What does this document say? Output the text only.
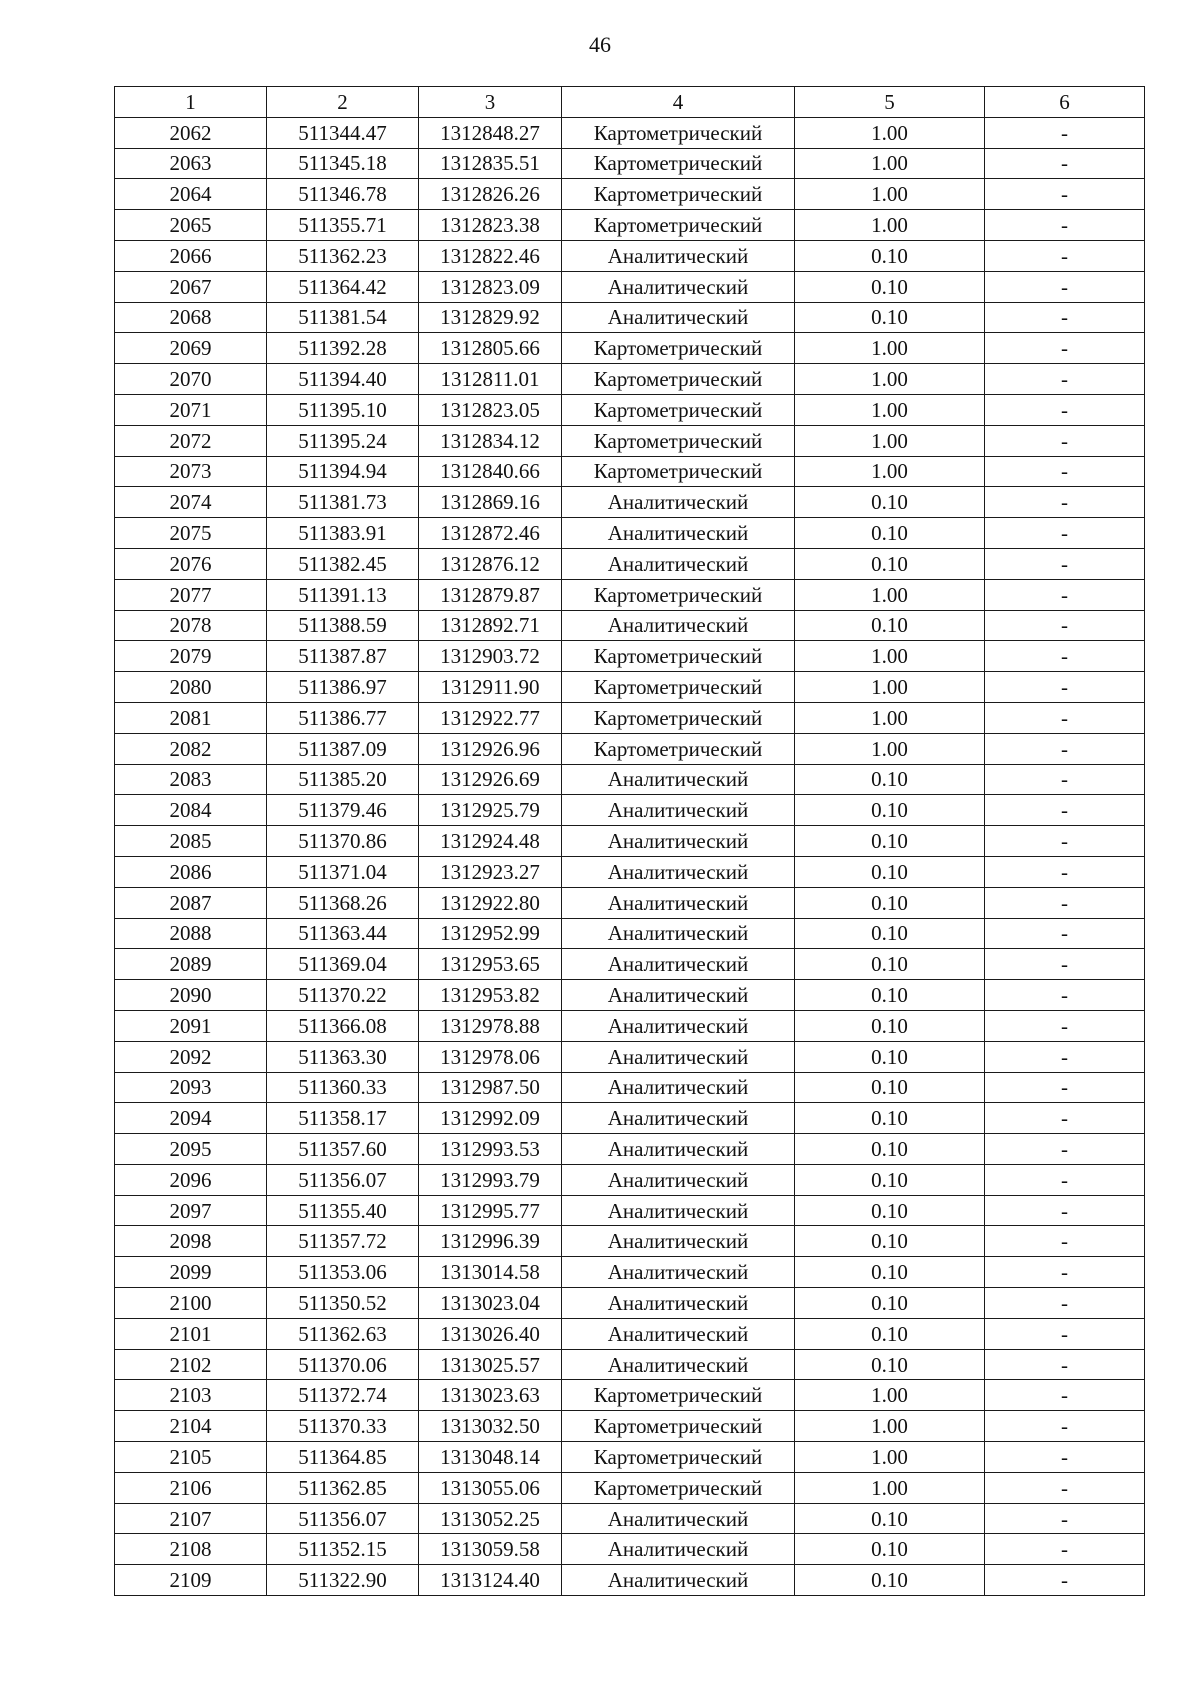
46
1	2	3	4	5	6
2062	511344.47	1312848.27	Картометрический	1.00	-
2063	511345.18	1312835.51	Картометрический	1.00	-
2064	511346.78	1312826.26	Картометрический	1.00	-
2065	511355.71	1312823.38	Картометрический	1.00	-
2066	511362.23	1312822.46	Аналитический	0.10	-
2067	511364.42	1312823.09	Аналитический	0.10	-
2068	511381.54	1312829.92	Аналитический	0.10	-
2069	511392.28	1312805.66	Картометрический	1.00	-
2070	511394.40	1312811.01	Картометрический	1.00	-
2071	511395.10	1312823.05	Картометрический	1.00	-
2072	511395.24	1312834.12	Картометрический	1.00	-
2073	511394.94	1312840.66	Картометрический	1.00	-
2074	511381.73	1312869.16	Аналитический	0.10	-
2075	511383.91	1312872.46	Аналитический	0.10	-
2076	511382.45	1312876.12	Аналитический	0.10	-
2077	511391.13	1312879.87	Картометрический	1.00	-
2078	511388.59	1312892.71	Аналитический	0.10	-
2079	511387.87	1312903.72	Картометрический	1.00	-
2080	511386.97	1312911.90	Картометрический	1.00	-
2081	511386.77	1312922.77	Картометрический	1.00	-
2082	511387.09	1312926.96	Картометрический	1.00	-
2083	511385.20	1312926.69	Аналитический	0.10	-
2084	511379.46	1312925.79	Аналитический	0.10	-
2085	511370.86	1312924.48	Аналитический	0.10	-
2086	511371.04	1312923.27	Аналитический	0.10	-
2087	511368.26	1312922.80	Аналитический	0.10	-
2088	511363.44	1312952.99	Аналитический	0.10	-
2089	511369.04	1312953.65	Аналитический	0.10	-
2090	511370.22	1312953.82	Аналитический	0.10	-
2091	511366.08	1312978.88	Аналитический	0.10	-
2092	511363.30	1312978.06	Аналитический	0.10	-
2093	511360.33	1312987.50	Аналитический	0.10	-
2094	511358.17	1312992.09	Аналитический	0.10	-
2095	511357.60	1312993.53	Аналитический	0.10	-
2096	511356.07	1312993.79	Аналитический	0.10	-
2097	511355.40	1312995.77	Аналитический	0.10	-
2098	511357.72	1312996.39	Аналитический	0.10	-
2099	511353.06	1313014.58	Аналитический	0.10	-
2100	511350.52	1313023.04	Аналитический	0.10	-
2101	511362.63	1313026.40	Аналитический	0.10	-
2102	511370.06	1313025.57	Аналитический	0.10	-
2103	511372.74	1313023.63	Картометрический	1.00	-
2104	511370.33	1313032.50	Картометрический	1.00	-
2105	511364.85	1313048.14	Картометрический	1.00	-
2106	511362.85	1313055.06	Картометрический	1.00	-
2107	511356.07	1313052.25	Аналитический	0.10	-
2108	511352.15	1313059.58	Аналитический	0.10	-
2109	511322.90	1313124.40	Аналитический	0.10	-
